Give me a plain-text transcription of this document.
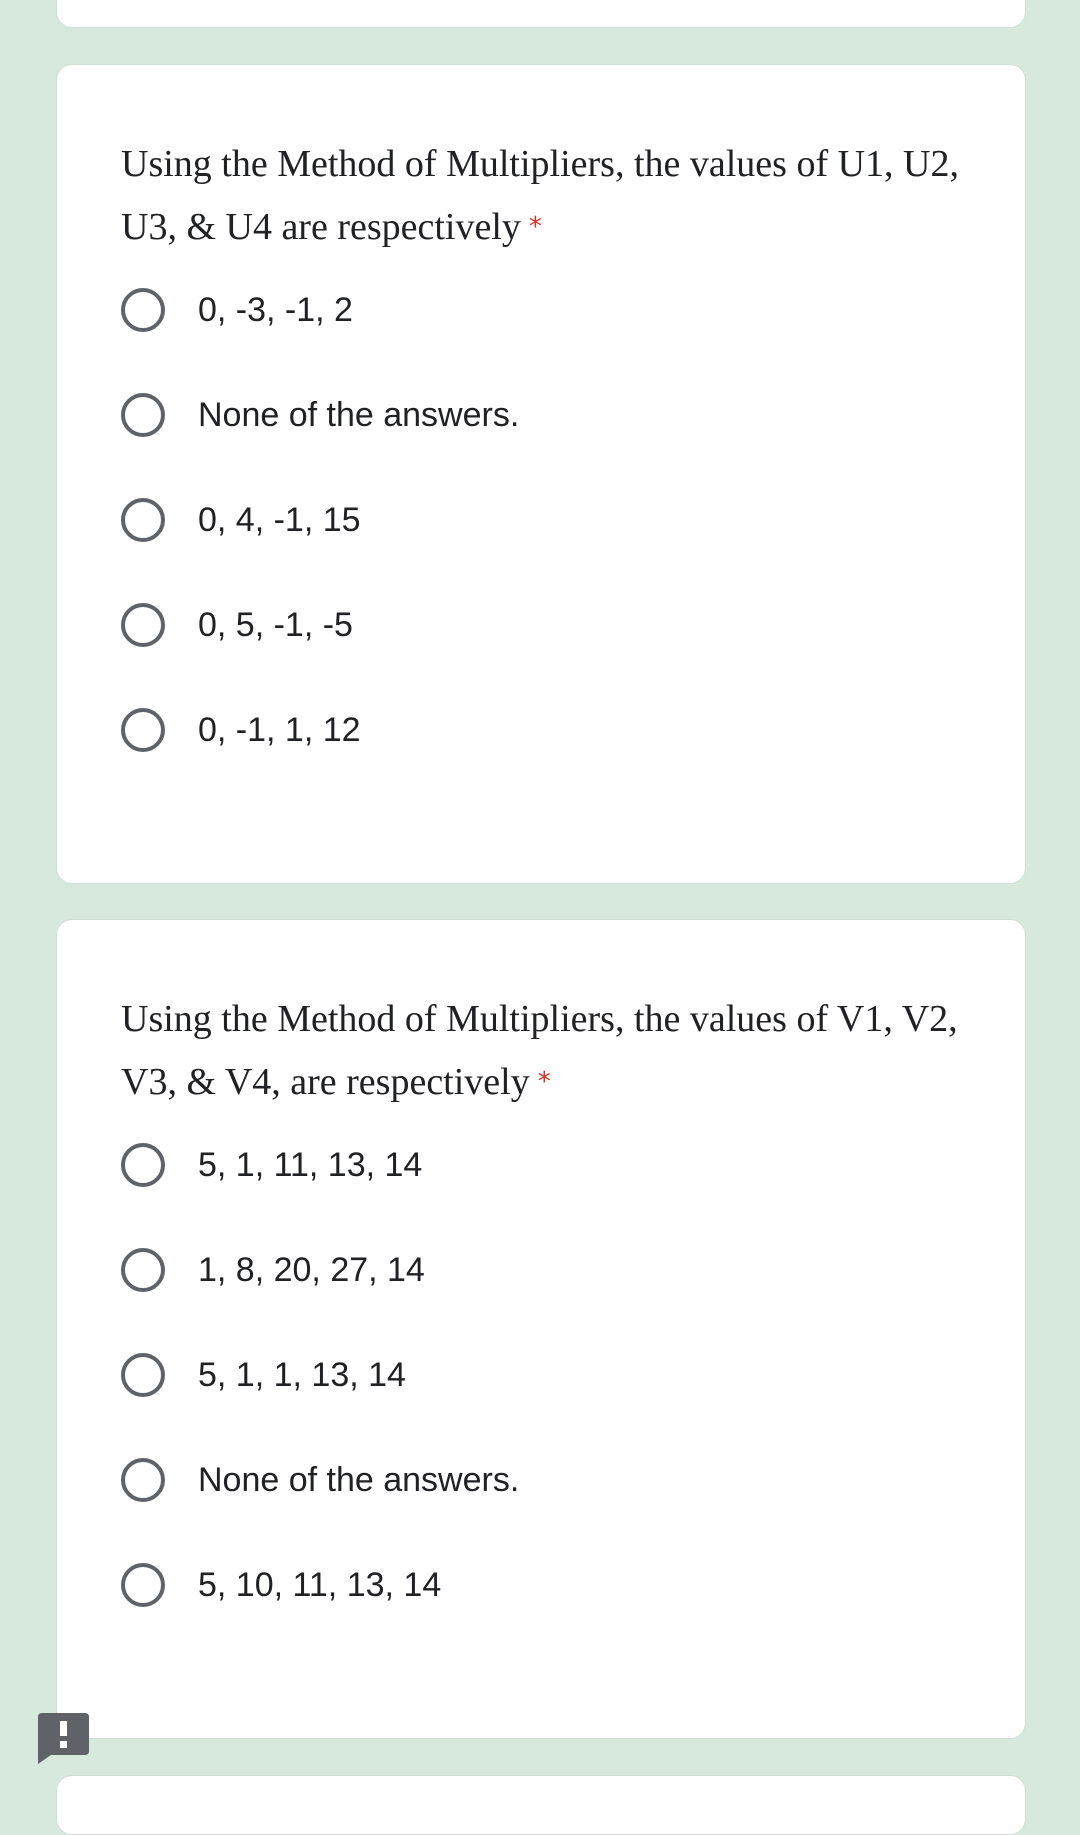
Using the Method of Multipliers, the values of U1, U2, U3, & U4 are respectively *

0, -3, -1, 2
None of the answers.
0, 4, -1, 15
0, 5, -1, -5
0, -1, 1, 12

Using the Method of Multipliers, the values of V1, V2, V3, & V4, are respectively *

5, 1, 11, 13, 14
1, 8, 20, 27, 14
5, 1, 1, 13, 14
None of the answers.
5, 10, 11, 13, 14
